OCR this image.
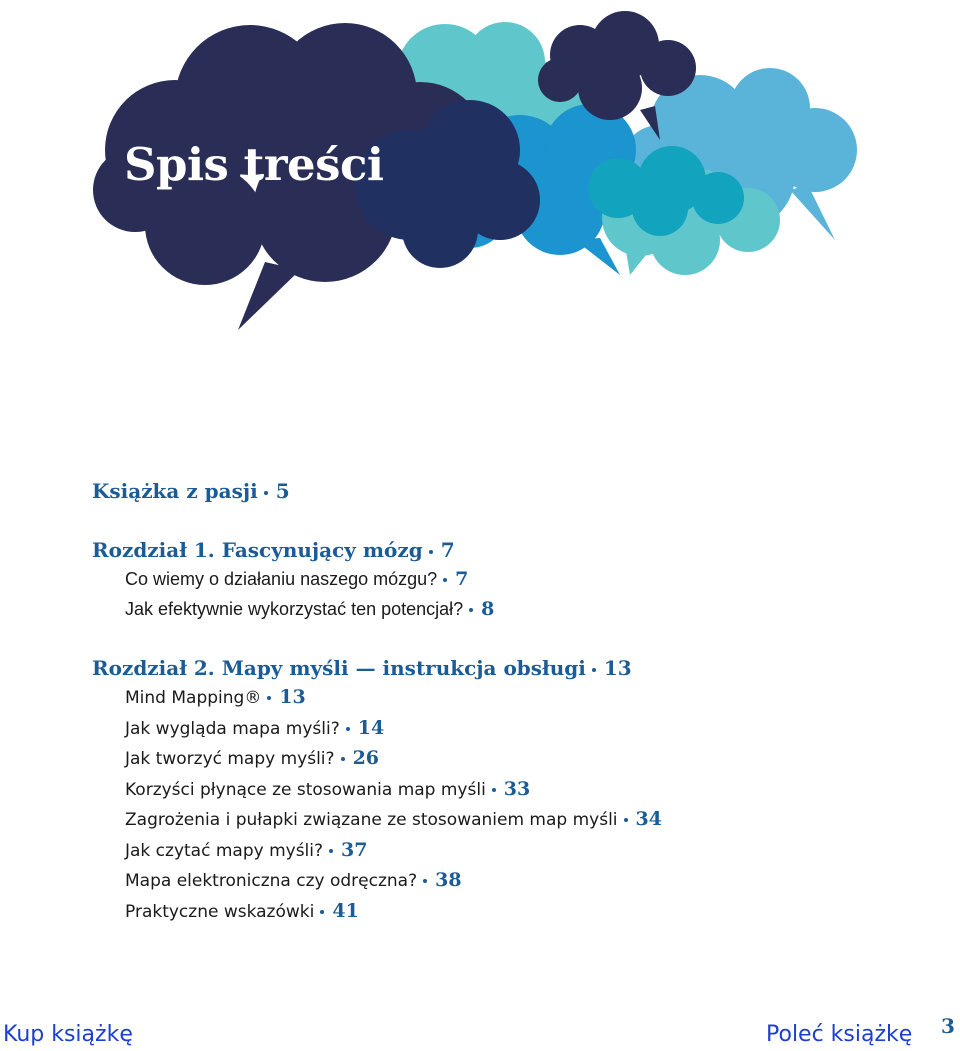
Spis treści
Książka z pasji 5
Rozdział 1. Fascynujący mózg 7
Co wiemy o działaniu naszego mózgu? 7
Jak efektywnie wykorzystać ten potencjał? 8
Rozdział 2. Mapy myśli — instrukcja obsługi 13
Mind Mapping® 13
Jak wygląda mapa myśli? 14
Jak tworzyć mapy myśli? 26
Korzyści płynące ze stosowania map myśli 33
Zagrożenia i pułapki związane ze stosowaniem map myśli 34
Jak czytać mapy myśli? 37
Mapa elektroniczna czy odręczna? 38
Praktyczne wskazówki 41
Kup książkę	Poleć książkę 3
